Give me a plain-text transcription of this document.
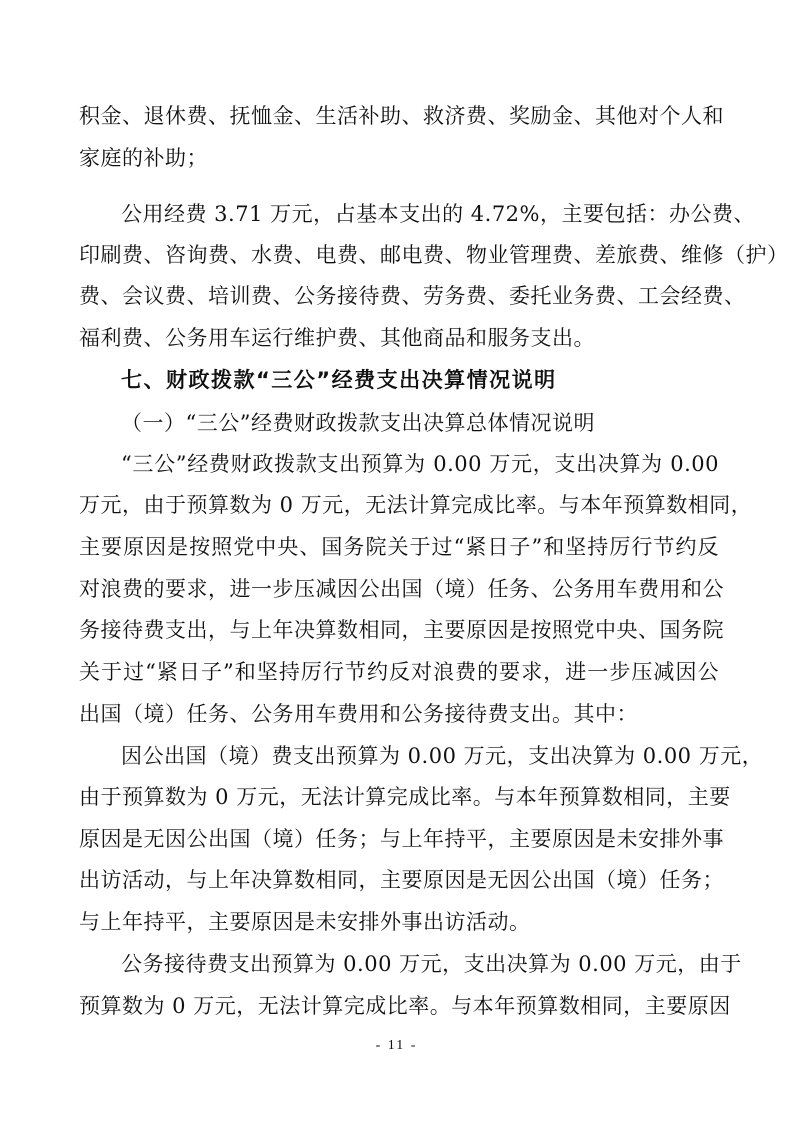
积金、退休费、抚恤金、生活补助、救济费、奖励金、其他对个人和
家庭的补助；
公用经费 3.71 万元，占基本支出的 4.72%，主要包括：办公费、
印刷费、咨询费、水费、电费、邮电费、物业管理费、差旅费、维修（护）
费、会议费、培训费、公务接待费、劳务费、委托业务费、工会经费、
福利费、公务用车运行维护费、其他商品和服务支出。
七、财政拨款“三公”经费支出决算情况说明
（一）“三公”经费财政拨款支出决算总体情况说明
“三公”经费财政拨款支出预算为 0.00 万元，支出决算为 0.00
万元，由于预算数为 0 万元，无法计算完成比率。与本年预算数相同，
主要原因是按照党中央、国务院关于过“紧日子”和坚持厉行节约反
对浪费的要求，进一步压减因公出国（境）任务、公务用车费用和公
务接待费支出，与上年决算数相同，主要原因是按照党中央、国务院
关于过“紧日子”和坚持厉行节约反对浪费的要求，进一步压减因公
出国（境）任务、公务用车费用和公务接待费支出。其中：
因公出国（境）费支出预算为 0.00 万元，支出决算为 0.00 万元，
由于预算数为 0 万元，无法计算完成比率。与本年预算数相同，主要
原因是无因公出国（境）任务；与上年持平，主要原因是未安排外事
出访活动，与上年决算数相同，主要原因是无因公出国（境）任务；
与上年持平，主要原因是未安排外事出访活动。
公务接待费支出预算为 0.00 万元，支出决算为 0.00 万元，由于
预算数为 0 万元，无法计算完成比率。与本年预算数相同，主要原因
- 11 -
